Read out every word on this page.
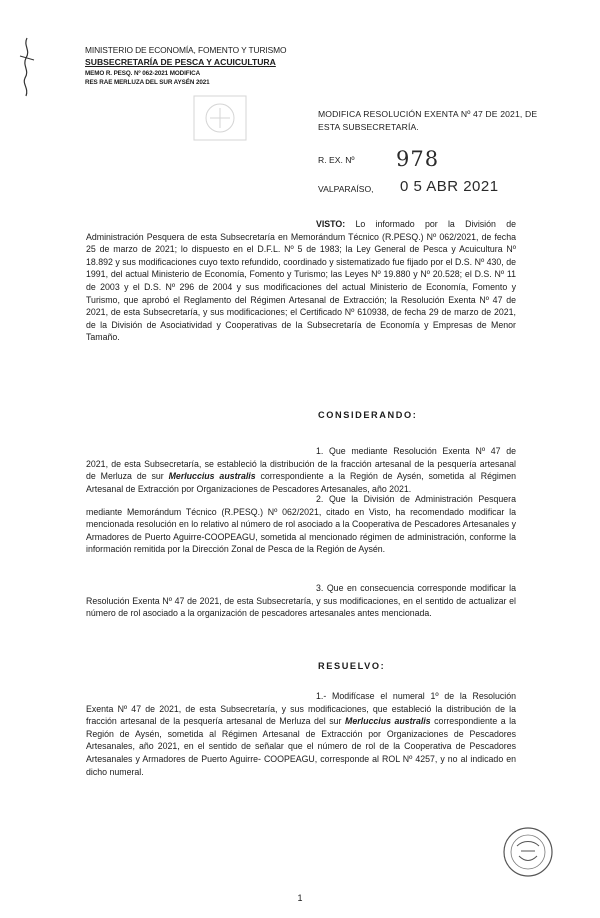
MINISTERIO DE ECONOMÍA, FOMENTO Y TURISMO
SUBSECRETARÍA DE PESCA Y ACUICULTURA
MEMO R. PESQ. Nº 062-2021 MODIFICA
RES RAE MERLUZA DEL SUR AYSÉN 2021
MODIFICA RESOLUCIÓN EXENTA Nº 47 DE 2021, DE
ESTA SUBSECRETARÍA.
R. EX. Nº 978
VALPARAÍSO, 0 5 ABR 2021
VISTO: Lo informado por la División de Administración Pesquera de esta Subsecretaría en Memorándum Técnico (R.PESQ.) Nº 062/2021, de fecha 25 de marzo de 2021; lo dispuesto en el D.F.L. Nº 5 de 1983; la Ley General de Pesca y Acuicultura Nº 18.892 y sus modificaciones cuyo texto refundido, coordinado y sistematizado fue fijado por el D.S. Nº 430, de 1991, del actual Ministerio de Economía, Fomento y Turismo; las Leyes Nº 19.880 y Nº 20.528; el D.S. Nº 11 de 2003 y el D.S. Nº 296 de 2004 y sus modificaciones del actual Ministerio de Economía, Fomento y Turismo, que aprobó el Reglamento del Régimen Artesanal de Extracción; la Resolución Exenta Nº 47 de 2021, de esta Subsecretaría, y sus modificaciones; el Certificado Nº 610938, de fecha 29 de marzo de 2021, de la División de Asociatividad y Cooperativas de la Subsecretaría de Economía y Empresas de Menor Tamaño.
CONSIDERANDO:
1. Que mediante Resolución Exenta Nº 47 de 2021, de esta Subsecretaría, se estableció la distribución de la fracción artesanal de la pesquería artesanal de Merluza de sur Merluccius australis correspondiente a la Región de Aysén, sometida al Régimen Artesanal de Extracción por Organizaciones de Pescadores Artesanales, año 2021.
2. Que la División de Administración Pesquera mediante Memorándum Técnico (R.PESQ.) Nº 062/2021, citado en Visto, ha recomendado modificar la mencionada resolución en lo relativo al número de rol asociado a la Cooperativa de Pescadores Artesanales y Armadores de Puerto Aguirre-COOPEAGU, sometida al mencionado régimen de administración, conforme la información remitida por la Dirección Zonal de Pesca de la Región de Aysén.
3. Que en consecuencia corresponde modificar la Resolución Exenta Nº 47 de 2021, de esta Subsecretaría, y sus modificaciones, en el sentido de actualizar el número de rol asociado a la organización de pescadores artesanales antes mencionada.
RESUELVO:
1.- Modifícase el numeral 1º de la Resolución Exenta Nº 47 de 2021, de esta Subsecretaría, y sus modificaciones, que estableció la distribución de la fracción artesanal de la pesquería artesanal de Merluza del sur Merluccius australis correspondiente a la Región de Aysén, sometida al Régimen Artesanal de Extracción por Organizaciones de Pescadores Artesanales, año 2021, en el sentido de señalar que el número de rol de la Cooperativa de Pescadores Artesanales y Armadores de Puerto Aguirre- COOPEAGU, corresponde al ROL Nº 4257, y no al indicado en dicho numeral.
1
